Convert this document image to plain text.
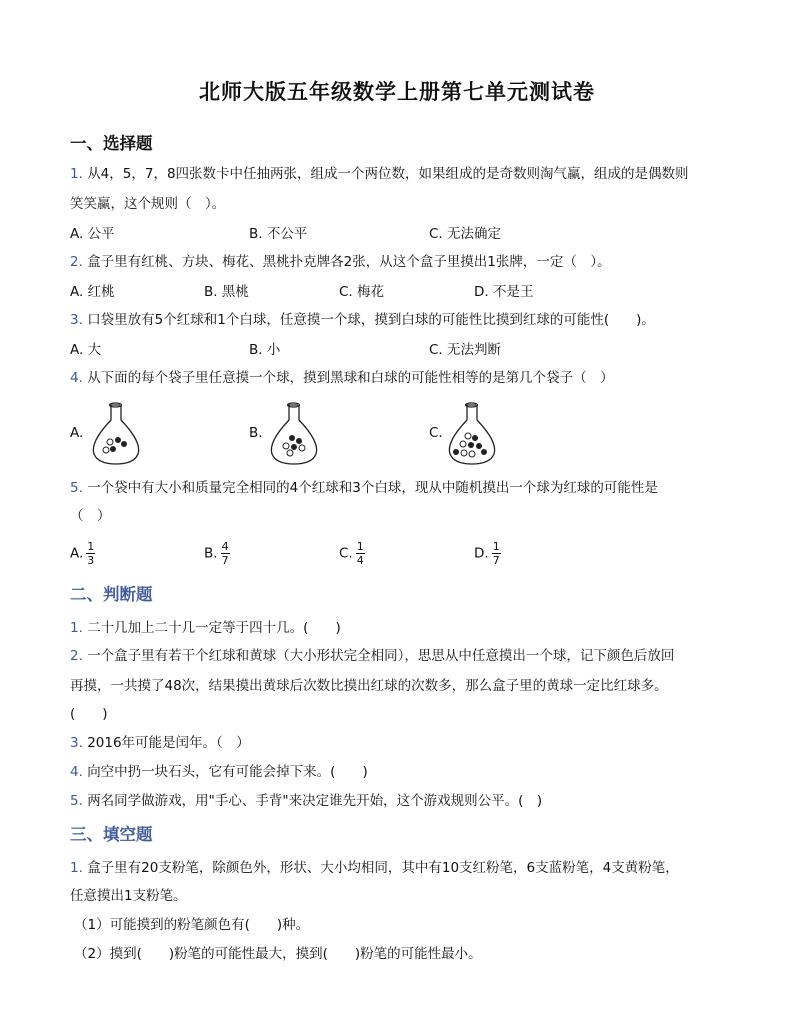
北师大版五年级数学上册第七单元测试卷
一、选择题
1. 从4，5，7，8四张数卡中任抽两张，组成一个两位数，如果组成的是奇数则淘气赢，组成的是偶数则
笑笑赢，这个规则（　）。
A. 公平	B. 不公平	C. 无法确定
2. 盒子里有红桃、方块、梅花、黑桃扑克牌各2张，从这个盒子里摸出1张牌，一定（　）。
A. 红桃	B. 黑桃	C. 梅花	D. 不是王
3. 口袋里放有5个红球和1个白球，任意摸一个球，摸到白球的可能性比摸到红球的可能性(　　)。
A. 大	B. 小	C. 无法判断
4. 从下面的每个袋子里任意摸一个球，摸到黑球和白球的可能性相等的是第几个袋子（　）
A.	B.	C.
5. 一个袋中有大小和质量完全相同的4个红球和3个白球，现从中随机摸出一个球为红球的可能性是
（　）
A. $\frac{1}{3}$	B. $\frac{4}{7}$	C. $\frac{1}{4}$	D. $\frac{1}{7}$
二、判断题
1. 二十几加上二十几一定等于四十几。(　　)
2. 一个盒子里有若干个红球和黄球（大小形状完全相同），思思从中任意摸出一个球，记下颜色后放回
再摸，一共摸了48次，结果摸出黄球后次数比摸出红球的次数多，那么盒子里的黄球一定比红球多。
(　　)
3. 2016年可能是闰年。（　）
4. 向空中扔一块石头，它有可能会掉下来。(　　)
5. 两名同学做游戏，用"手心、手背"来决定谁先开始，这个游戏规则公平。(　)
三、填空题
1. 盒子里有20支粉笔，除颜色外，形状、大小均相同，其中有10支红粉笔，6支蓝粉笔，4支黄粉笔，
任意摸出1支粉笔。
（1）可能摸到的粉笔颜色有(　　)种。
（2）摸到(　　)粉笔的可能性最大，摸到(　　)粉笔的可能性最小。
